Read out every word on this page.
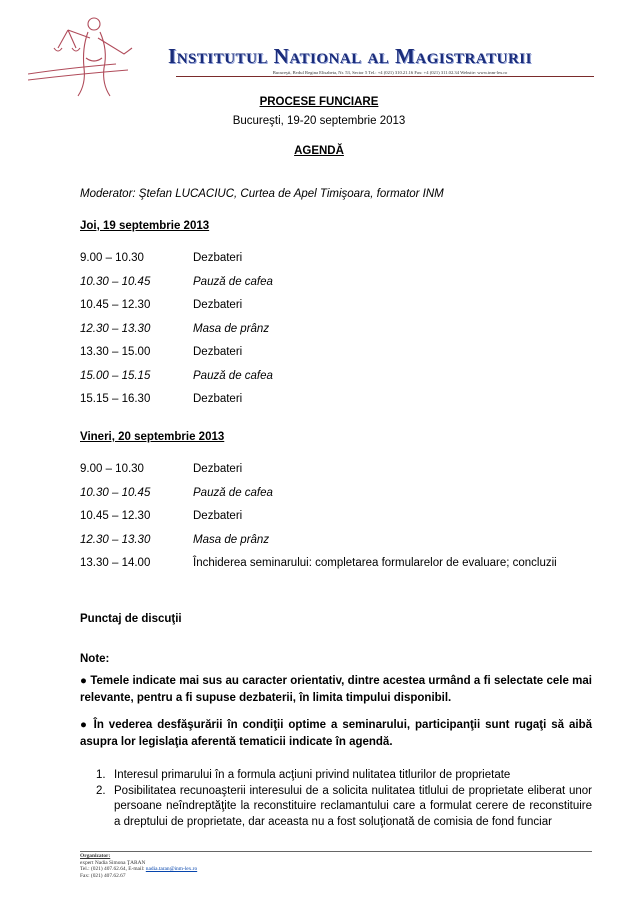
Institutul National al Magistraturii
Bucureşti, Bvdul Regina Elisabeta, Nr. 53, Sector 5 Tel.: +4 (021) 310.21.16 Fax: +4 (021) 311.02.34 Website: www.inm-lex.ro
PROCESE FUNCIARE
Bucureşti, 19-20 septembrie 2013
AGENDĂ
Moderator: Ştefan LUCACIUC, Curtea de Apel Timişoara, formator INM
Joi, 19 septembrie 2013
9.00 – 10.30	Dezbateri
10.30 – 10.45	Pauză de cafea
10.45 – 12.30	Dezbateri
12.30 – 13.30	Masa de prânz
13.30 – 15.00	Dezbateri
15.00 – 15.15	Pauză de cafea
15.15 – 16.30	Dezbateri
Vineri, 20 septembrie 2013
9.00 – 10.30	Dezbateri
10.30 – 10.45	Pauză de cafea
10.45 – 12.30	Dezbateri
12.30 – 13.30	Masa de prânz
13.30 – 14.00	Închiderea seminarului: completarea formularelor de evaluare; concluzii
Punctaj de discuţii
Note:
● Temele indicate mai sus au caracter orientativ, dintre acestea urmând a fi selectate cele mai relevante, pentru a fi supuse dezbaterii, în limita timpului disponibil.
● În vederea desfăşurării în condiţii optime a seminarului, participanţii sunt rugaţi să aibă asupra lor legislaţia aferentă tematicii indicate în agendă.
1. Interesul primarului în a formula acţiuni privind nulitatea titlurilor de proprietate
2. Posibilitatea recunoaşterii interesului de a solicita nulitatea titlului de proprietate eliberat unor persoane neîndreptăţite la reconstituire reclamantului care a formulat cerere de reconstituire a dreptului de proprietate, dar aceasta nu a fost soluţionată de comisia de fond funciar
Organizator:
expert Nadia Simona ŢARAN
Tel.: (021) 407.62.64, E-mail: nadia.taran@inm-lex.ro
Fax: (021) 407.62.67
